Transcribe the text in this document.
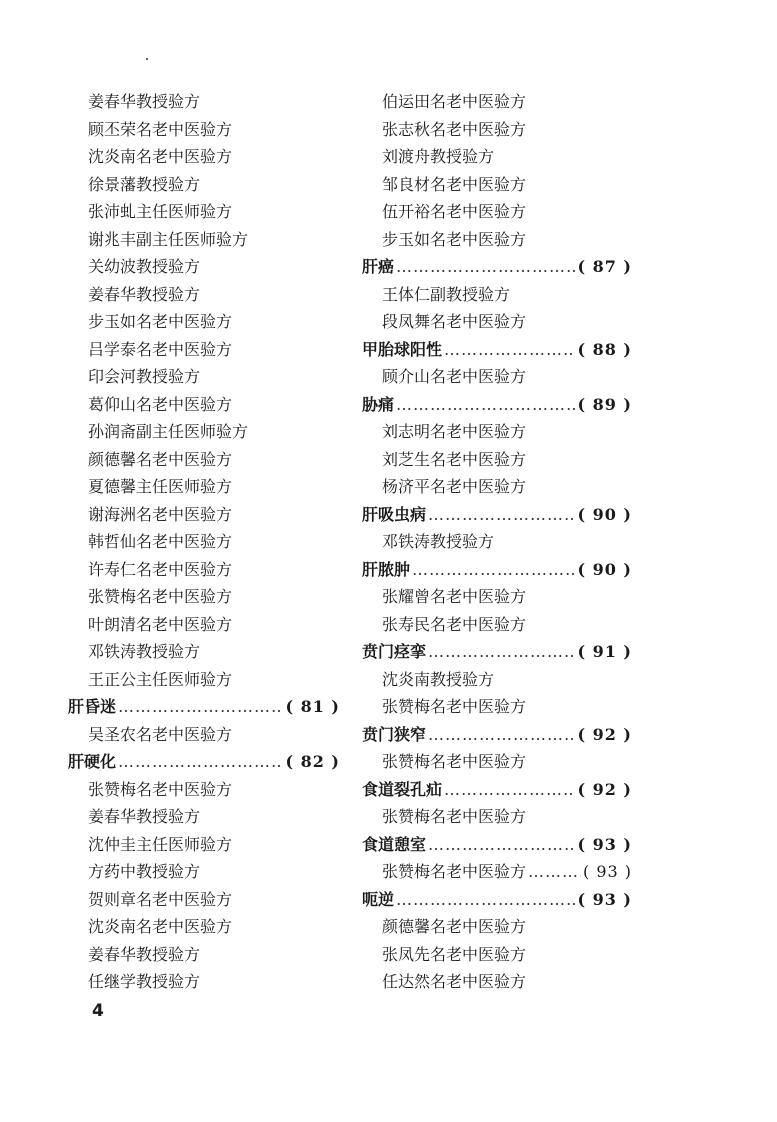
姜春华教授验方
顾丕荣名老中医验方
沈炎南名老中医验方
徐景藩教授验方
张沛虬主任医师验方
谢兆丰副主任医师验方
关幼波教授验方
姜春华教授验方
步玉如名老中医验方
吕学泰名老中医验方
印会河教授验方
葛仰山名老中医验方
孙润斋副主任医师验方
颜德馨名老中医验方
夏德馨主任医师验方
谢海洲名老中医验方
韩哲仙名老中医验方
许寿仁名老中医验方
张赞梅名老中医验方
叶朗清名老中医验方
邓铁涛教授验方
王正公主任医师验方
肝昏迷 ……………………………………………………………………………………………………	( 81 )
吴圣农名老中医验方
肝硬化 ……………………………………………………………………………………………………	( 82 )
张赞梅名老中医验方
姜春华教授验方
沈仲圭主任医师验方
方药中教授验方
贺则章名老中医验方
沈炎南名老中医验方
姜春华教授验方
任继学教授验方
伯运田名老中医验方
张志秋名老中医验方
刘渡舟教授验方
邹良材名老中医验方
伍开裕名老中医验方
步玉如名老中医验方
肝癌 ……………………………………………………………………………………………………	( 87 )
王体仁副教授验方
段凤舞名老中医验方
甲胎球阳性 ……………………………………………………………………………………………………	( 88 )
顾介山名老中医验方
胁痛 ……………………………………………………………………………………………………	( 89 )
刘志明名老中医验方
刘芝生名老中医验方
杨济平名老中医验方
肝吸虫病 ……………………………………………………………………………………………………	( 90 )
邓铁涛教授验方
肝脓肿 ……………………………………………………………………………………………………	( 90 )
张耀曾名老中医验方
张寿民名老中医验方
贲门痉挛 ……………………………………………………………………………………………………	( 91 )
沈炎南教授验方
张赞梅名老中医验方
贲门狭窄 ……………………………………………………………………………………………………	( 92 )
张赞梅名老中医验方
食道裂孔疝 ……………………………………………………………………………………………………	( 92 )
张赞梅名老中医验方
食道憩室 ……………………………………………………………………………………………………	( 93 )
张赞梅名老中医验方 ……………………………………………………………………………………………………	( 93 )
呃逆 ……………………………………………………………………………………………………	( 93 )
颜德馨名老中医验方
张凤先名老中医验方
任达然名老中医验方
4
